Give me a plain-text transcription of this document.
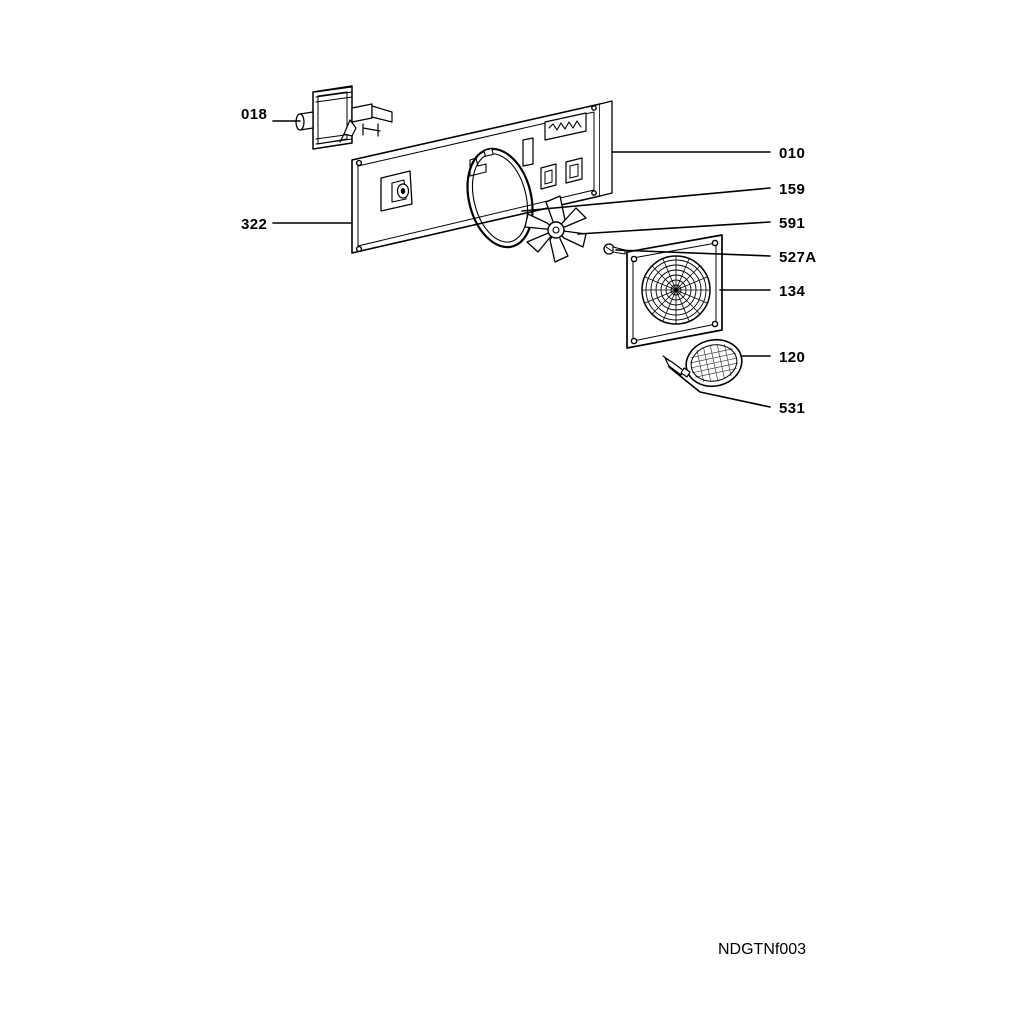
018
322
010
159
591
527A
134
120
531
NDGTNf003
